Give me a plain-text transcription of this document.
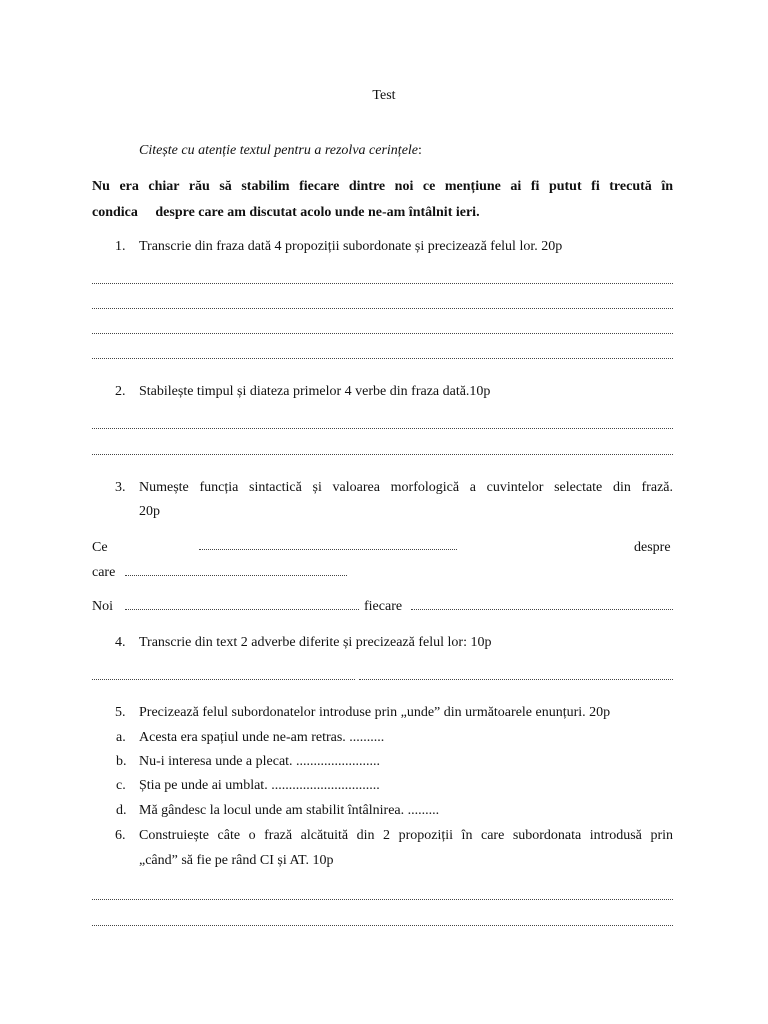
Test
Citește cu atenție textul pentru a rezolva cerințele:
Nu era chiar rău să stabilim fiecare dintre noi ce mențiune ai fi putut fi trecută în
condica     despre care am discutat acolo unde ne-am întâlnit ieri.
1. Transcrie din fraza dată 4 propoziții subordonate și precizează felul lor. 20p
2. Stabilește timpul și diateza primelor 4 verbe din fraza dată.10p
3. Numește funcția sintactică și valoarea morfologică a cuvintelor selectate din frază.
20p
Ce	despre
care
Noi	fiecare
4. Transcrie din text 2 adverbe diferite și precizează felul lor: 10p
5. Precizează felul subordonatelor introduse prin „unde” din următoarele enunțuri. 20p
a. Acesta era spațiul unde ne-am retras. ..........
b. Nu-i interesa unde a plecat. ........................
c. Știa pe unde ai umblat. ...............................
d. Mă gândesc la locul unde am stabilit întâlnirea. .........
6. Construiește câte o frază alcătuită din 2 propoziții în care subordonata introdusă prin
„când” să fie pe rând CI și AT. 10p
